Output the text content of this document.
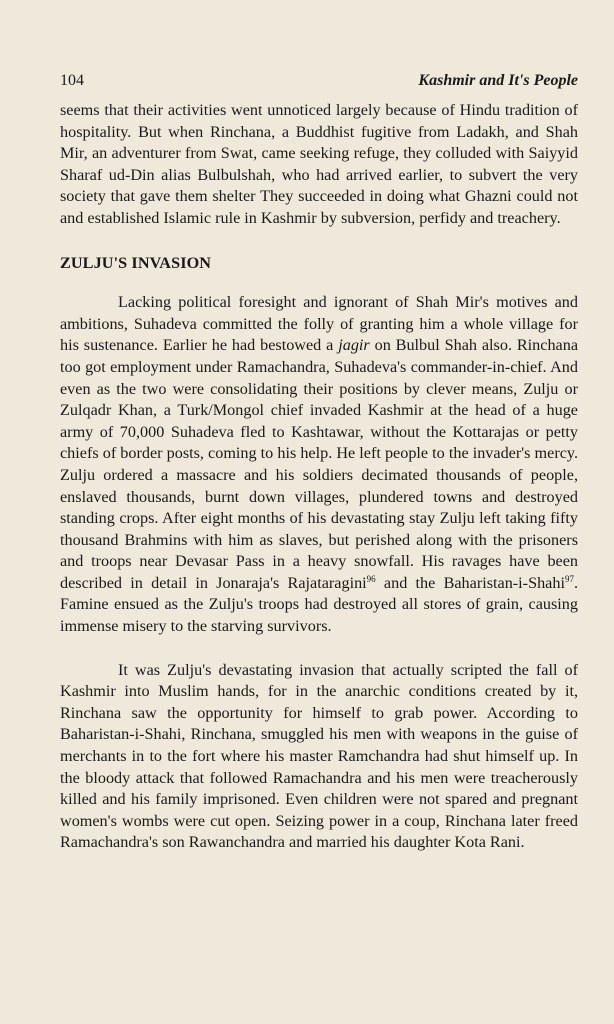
104	Kashmir and It's People

seems that their activities went unnoticed largely because of Hindu tradition of hospitality. But when Rinchana, a Buddhist fugitive from Ladakh, and Shah Mir, an adventurer from Swat, came seeking refuge, they colluded with Saiyyid Sharaf ud-Din alias Bulbulshah, who had arrived earlier, to subvert the very society that gave them shelter They succeeded in doing what Ghazni could not and established Islamic rule in Kashmir by subversion, perfidy and treachery.

ZULJU'S INVASION

Lacking political foresight and ignorant of Shah Mir's motives and ambitions, Suhadeva committed the folly of granting him a whole village for his sustenance. Earlier he had bestowed a jagir on Bulbul Shah also. Rinchana too got employment under Ramachandra, Suhadeva's commander-in-chief. And even as the two were consolidating their positions by clever means, Zulju or Zulqadr Khan, a Turk/Mongol chief invaded Kashmir at the head of a huge army of 70,000 Suhadeva fled to Kashtawar, without the Kottarajas or petty chiefs of border posts, coming to his help. He left people to the invader's mercy. Zulju ordered a massacre and his soldiers decimated thousands of people, enslaved thousands, burnt down villages, plundered towns and destroyed standing crops. After eight months of his devastating stay Zulju left taking fifty thousand Brahmins with him as slaves, but perished along with the prisoners and troops near Devasar Pass in a heavy snowfall. His ravages have been described in detail in Jonaraja's Rajataragini$^{96}$ and the Baharistan-i-Shahi$^{97}$. Famine ensued as the Zulju's troops had destroyed all stores of grain, causing immense misery to the starving survivors.

It was Zulju's devastating invasion that actually scripted the fall of Kashmir into Muslim hands, for in the anarchic conditions created by it, Rinchana saw the opportunity for himself to grab power. According to Baharistan-i-Shahi, Rinchana, smuggled his men with weapons in the guise of merchants in to the fort where his master Ramchandra had shut himself up. In the bloody attack that followed Ramachandra and his men were treacherously killed and his family imprisoned. Even children were not spared and pregnant women's wombs were cut open. Seizing power in a coup, Rinchana later freed Ramachandra's son Rawanchandra and married his daughter Kota Rani.
